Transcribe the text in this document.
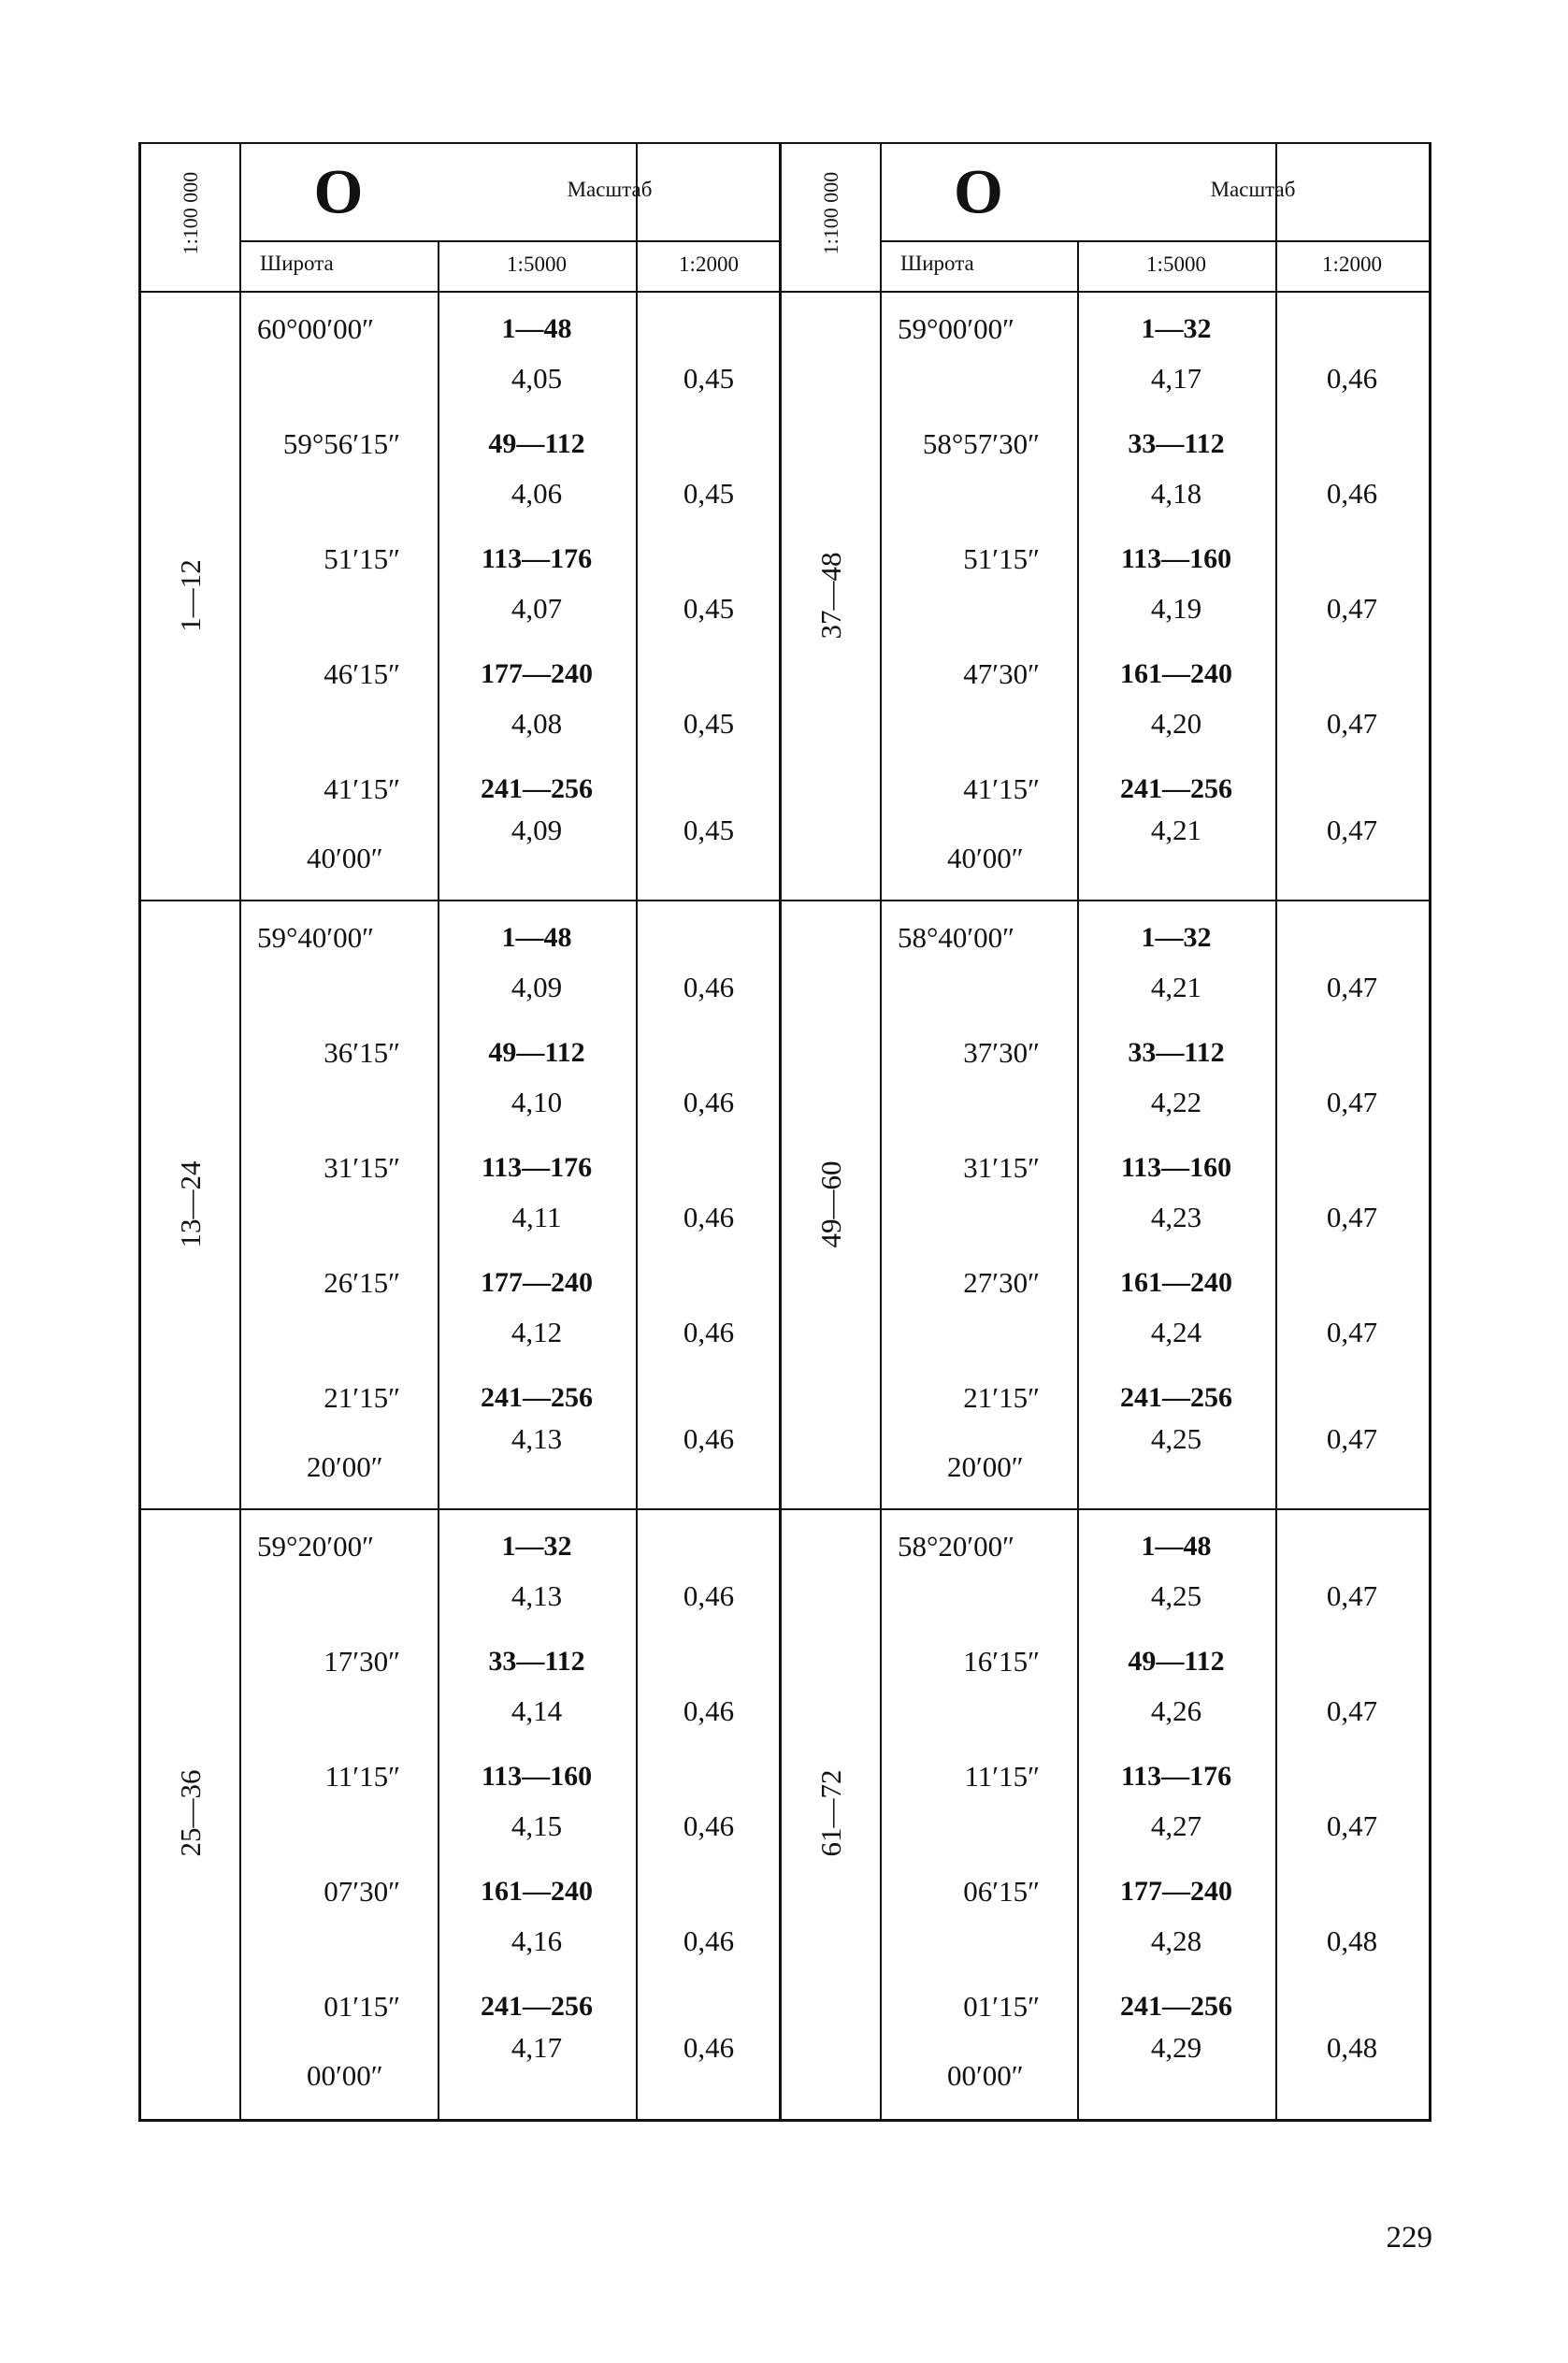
1:100 000 O	Масштаб
Широта	1:5000	1:2000
1—12
60°00′00″	1—48
4,05	0,45
59°56′15″	49—112
4,06	0,45
51′15″	113—176
4,07	0,45
46′15″	177—240
4,08	0,45
41′15″	241—256
4,09	0,45
40′00″
13—24
59°40′00″	1—48
4,09	0,46
36′15″	49—112
4,10	0,46
31′15″	113—176
4,11	0,46
26′15″	177—240
4,12	0,46
21′15″	241—256
4,13	0,46
20′00″
25—36
59°20′00″	1—32
4,13	0,46
17′30″	33—112
4,14	0,46
11′15″	113—160
4,15	0,46
07′30″	161—240
4,16	0,46
01′15″	241—256
4,17	0,46
00′00″
1:100 000 O	Масштаб
Широта	1:5000	1:2000
37—48
59°00′00″	1—32
4,17	0,46
58°57′30″	33—112
4,18	0,46
51′15″	113—160
4,19	0,47
47′30″	161—240
4,20	0,47
41′15″	241—256
4,21	0,47
40′00″
49—60
58°40′00″	1—32
4,21	0,47
37′30″	33—112
4,22	0,47
31′15″	113—160
4,23	0,47
27′30″	161—240
4,24	0,47
21′15″	241—256
4,25	0,47
20′00″
61—72
58°20′00″	1—48
4,25	0,47
16′15″	49—112
4,26	0,47
11′15″	113—176
4,27	0,47
06′15″	177—240
4,28	0,48
01′15″	241—256
4,29	0,48
00′00″
229
